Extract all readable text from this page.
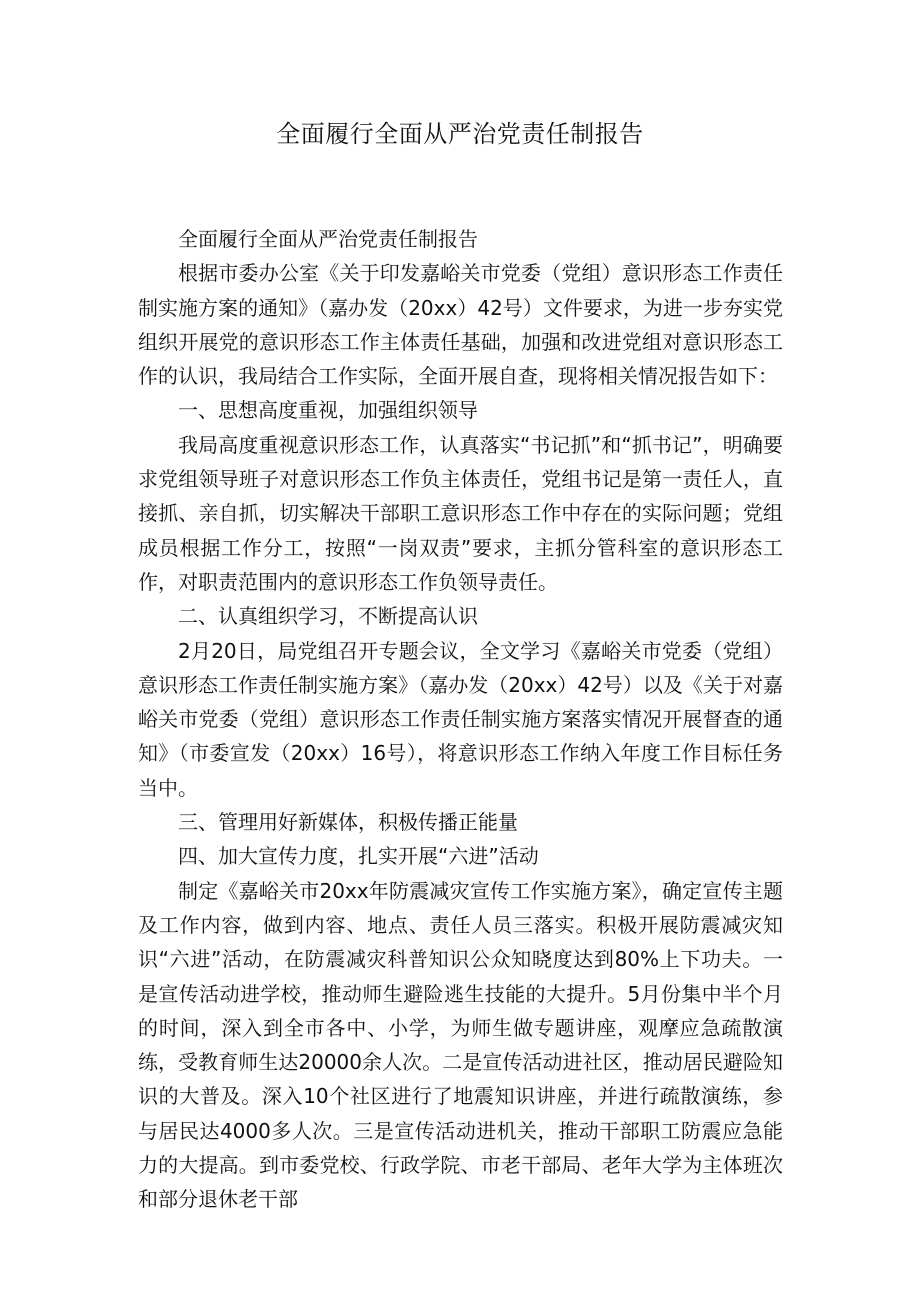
全面履行全面从严治党责任制报告

全面履行全面从严治党责任制报告

根据市委办公室《关于印发嘉峪关市党委（党组）意识形态工作责任制实施方案的通知》（嘉办发（20xx）42号）文件要求，为进一步夯实党组织开展党的意识形态工作主体责任基础，加强和改进党组对意识形态工作的认识，我局结合工作实际，全面开展自查，现将相关情况报告如下：

一、思想高度重视，加强组织领导

我局高度重视意识形态工作，认真落实“书记抓”和“抓书记”，明确要求党组领导班子对意识形态工作负主体责任，党组书记是第一责任人，直接抓、亲自抓，切实解决干部职工意识形态工作中存在的实际问题；党组成员根据工作分工，按照“一岗双责”要求，主抓分管科室的意识形态工作，对职责范围内的意识形态工作负领导责任。

二、认真组织学习，不断提高认识

2月20日，局党组召开专题会议，全文学习《嘉峪关市党委（党组）意识形态工作责任制实施方案》（嘉办发（20xx）42号）以及《关于对嘉峪关市党委（党组）意识形态工作责任制实施方案落实情况开展督查的通知》（市委宣发（20xx）16号），将意识形态工作纳入年度工作目标任务当中。

三、管理用好新媒体，积极传播正能量

四、加大宣传力度，扎实开展“六进”活动

制定《嘉峪关市20xx年防震减灾宣传工作实施方案》，确定宣传主题及工作内容，做到内容、地点、责任人员三落实。积极开展防震减灾知识“六进”活动，在防震减灾科普知识公众知晓度达到80%上下功夫。一是宣传活动进学校，推动师生避险逃生技能的大提升。5月份集中半个月的时间，深入到全市各中、小学，为师生做专题讲座，观摩应急疏散演练，受教育师生达20000余人次。二是宣传活动进社区，推动居民避险知识的大普及。深入10个社区进行了地震知识讲座，并进行疏散演练，参与居民达4000多人次。三是宣传活动进机关，推动干部职工防震应急能力的大提高。到市委党校、行政学院、市老干部局、老年大学为主体班次和部分退休老干部
